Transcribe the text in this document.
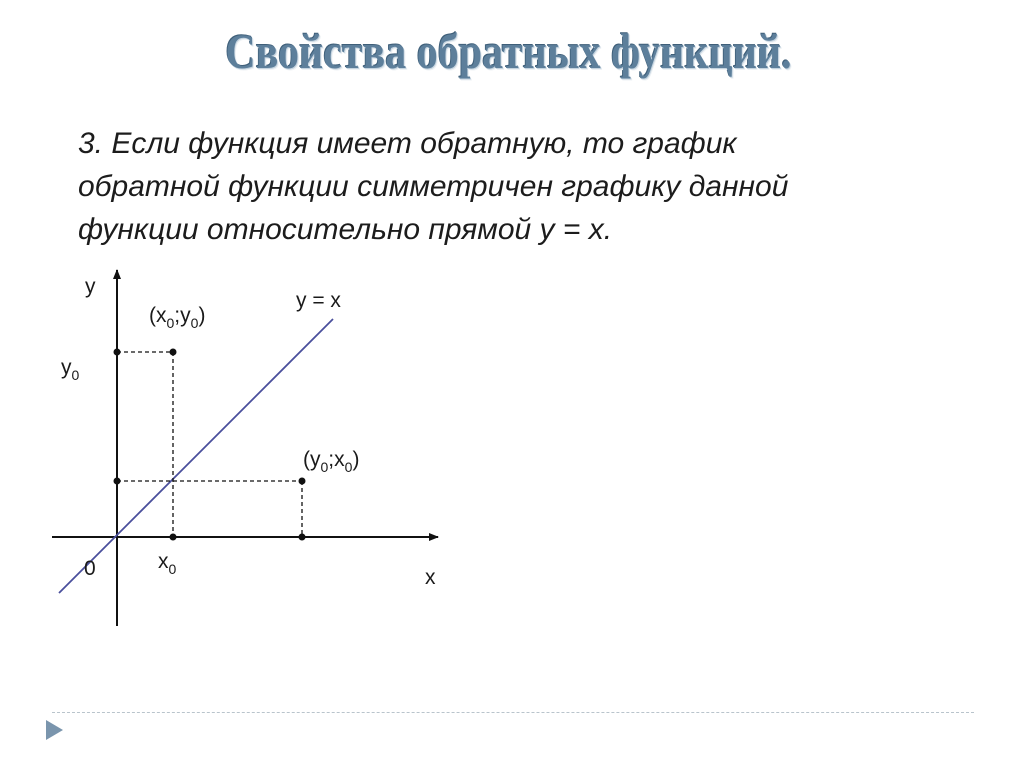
Свойства обратных функций.
3. Если функция имеет обратную, то график
обратной функции симметричен графику данной
функции относительно прямой y = x.
y
x
0
y = x
$y_0$
$x_0$
$(x_0;y_0)$
$(y_0;x_0)$
